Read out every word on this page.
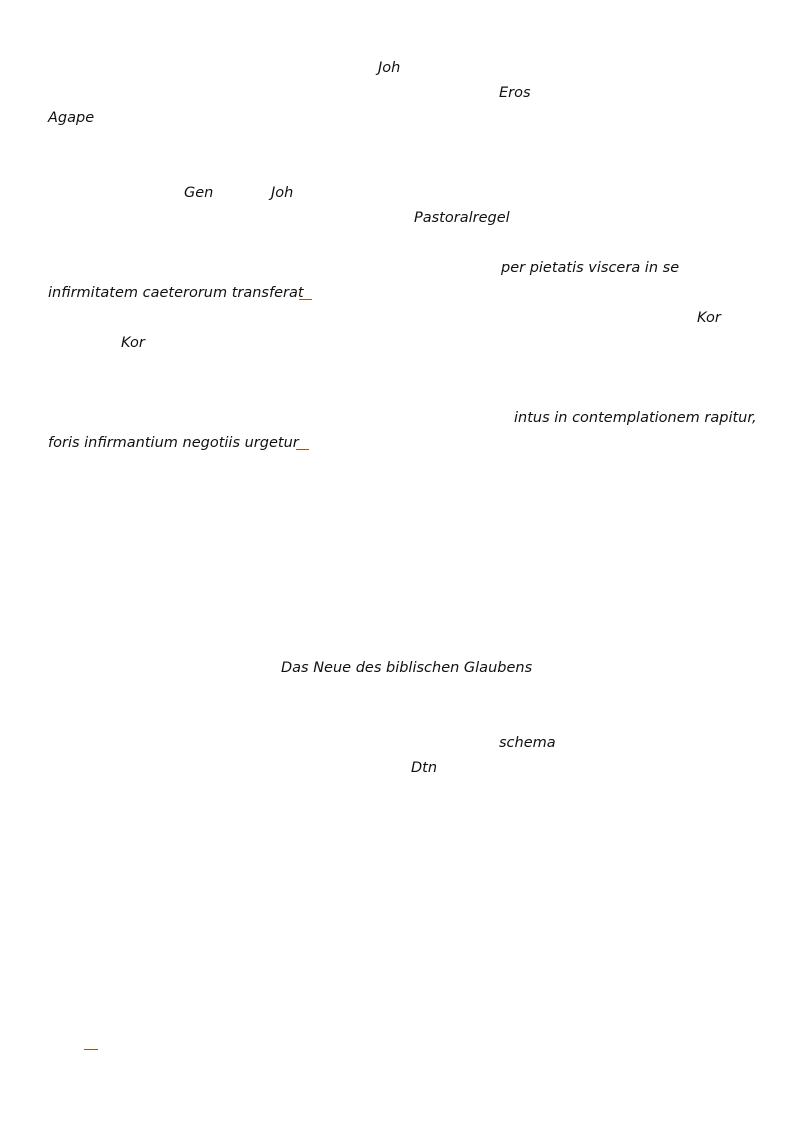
Joh
Eros
Agape
Gen	Joh
Pastoralregel
per pietatis viscera in se
infirmitatem caeterorum transferat
Kor
Kor
intus in contemplationem rapitur,
foris infirmantium negotiis urgetur
Das Neue des biblischen Glaubens
schema
Dtn
